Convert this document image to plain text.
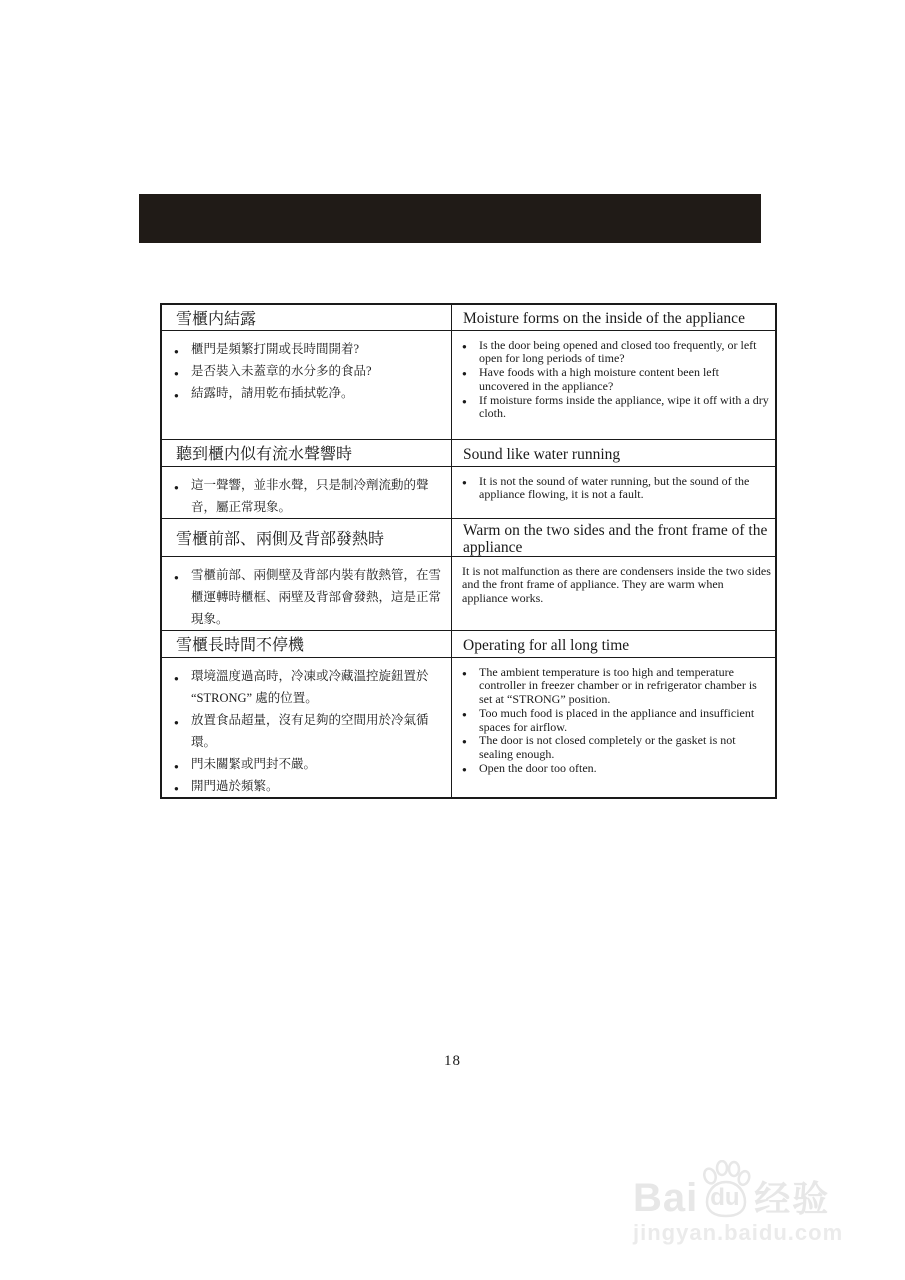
雪櫃内結露	Moisture forms on the inside of the appliance

● 櫃門是頻繁打開或長時間開着?
● 是否裝入未蓋章的水分多的食品?
● 結露時，請用乾布插拭乾净。

● Is the door being opened and closed too frequently, or left open for long periods of time?
● Have foods with a high moisture content been left uncovered in the appliance?
● If moisture forms inside the appliance, wipe it off with a dry cloth.

聽到櫃内似有流水聲響時	Sound like water running

● 這一聲響，並非水聲，只是制冷劑流動的聲音，屬正常現象。

● It is not the sound of water running, but the sound of the appliance flowing, it is not a fault.

雪櫃前部、兩側及背部發熱時	Warm on the two sides and the front frame of the appliance

● 雪櫃前部、兩側壁及背部内裝有散熱管，在雪櫃運轉時櫃框、兩壁及背部會發熱，這是正常現象。

It is not malfunction as there are condensers inside the two sides and the front frame of appliance. They are warm when appliance works.

雪櫃長時間不停機	Operating for all long time

● 環境溫度過高時，冷凍或冷藏溫控旋鈕置於 “STRONG” 處的位置。
● 放置食品超量，沒有足夠的空間用於冷氣循環。
● 門未關緊或門封不嚴。
● 開門過於頻繁。

● The ambient temperature is too high and temperature controller in freezer chamber or in refrigerator chamber is set at “STRONG” position.
● Too much food is placed in the appliance and insufficient spaces for airflow.
● The door is not closed completely or the gasket is not sealing enough.
● Open the door too often.
18
Bai du 经验
jingyan.baidu.com
